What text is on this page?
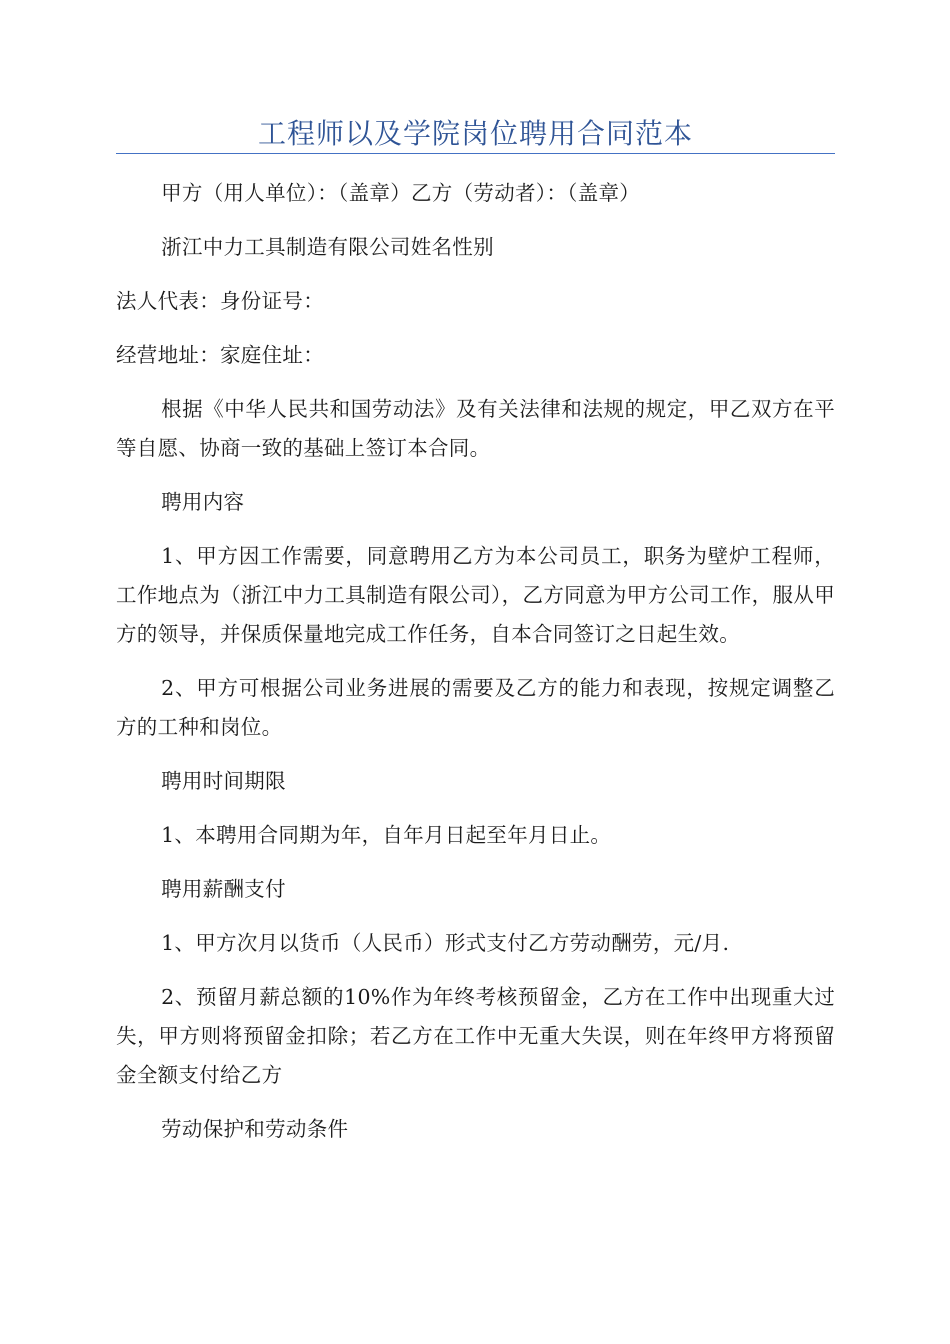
工程师以及学院岗位聘用合同范本

甲方（用人单位）：（盖章）乙方（劳动者）：（盖章）

浙江中力工具制造有限公司姓名性别

法人代表：身份证号：

经营地址：家庭住址：

根据《中华人民共和国劳动法》及有关法律和法规的规定，甲乙双方在平等自愿、协商一致的基础上签订本合同。

聘用内容

1、甲方因工作需要，同意聘用乙方为本公司员工，职务为壁炉工程师，工作地点为（浙江中力工具制造有限公司），乙方同意为甲方公司工作，服从甲方的领导，并保质保量地完成工作任务，自本合同签订之日起生效。

2、甲方可根据公司业务进展的需要及乙方的能力和表现，按规定调整乙方的工种和岗位。

聘用时间期限

1、本聘用合同期为年，自年月日起至年月日止。

聘用薪酬支付

1、甲方次月以货币（人民币）形式支付乙方劳动酬劳，元/月.

2、预留月薪总额的10%作为年终考核预留金，乙方在工作中出现重大过失，甲方则将预留金扣除；若乙方在工作中无重大失误，则在年终甲方将预留金全额支付给乙方

劳动保护和劳动条件
